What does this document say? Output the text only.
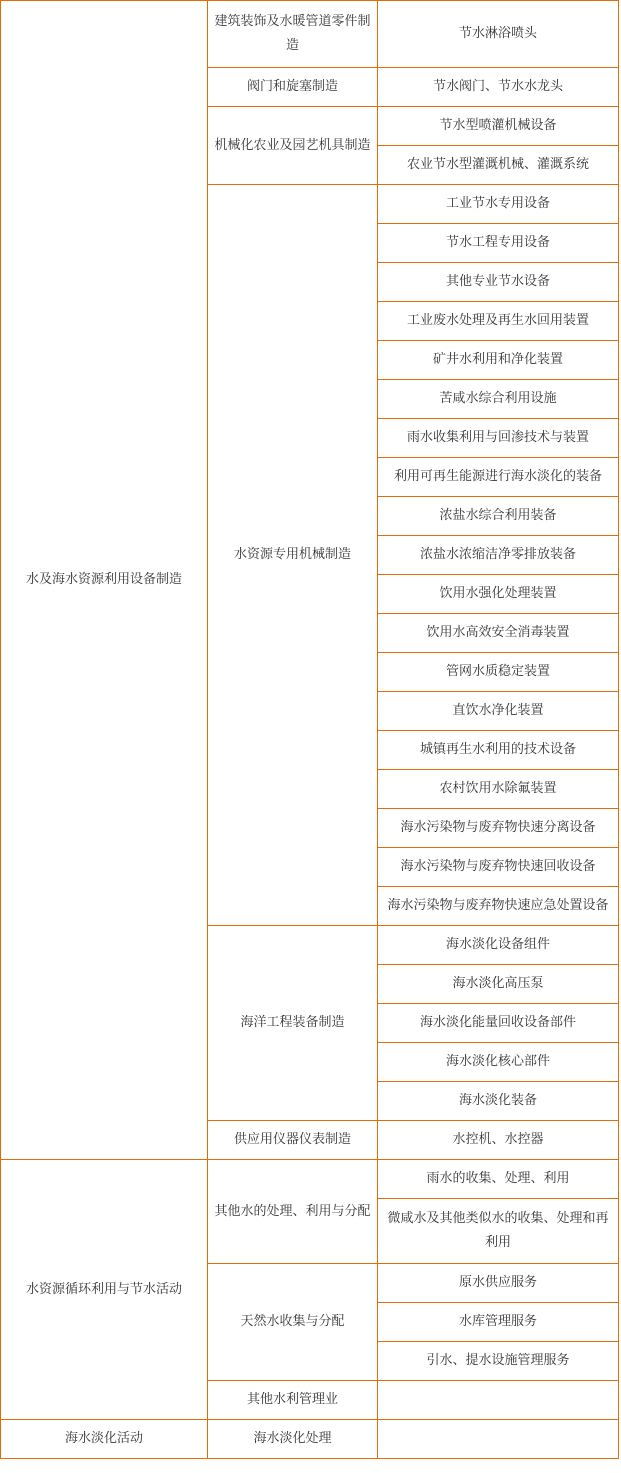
水及海水资源利用设备制造	建筑装饰及水暖管道零件制造	节水淋浴喷头
	阀门和旋塞制造	节水阀门、节水水龙头
	机械化农业及园艺机具制造	节水型喷灌机械设备
		农业节水型灌溉机械、灌溉系统
	水资源专用机械制造	工业节水专用设备
		节水工程专用设备
		其他专业节水设备
		工业废水处理及再生水回用装置
		矿井水利用和净化装置
		苦咸水综合利用设施
		雨水收集利用与回渗技术与装置
		利用可再生能源进行海水淡化的装备
		浓盐水综合利用装备
		浓盐水浓缩洁净零排放装备
		饮用水强化处理装置
		饮用水高效安全消毒装置
		管网水质稳定装置
		直饮水净化装置
		城镇再生水利用的技术设备
		农村饮用水除氟装置
		海水污染物与废弃物快速分离设备
		海水污染物与废弃物快速回收设备
		海水污染物与废弃物快速应急处置设备
	海洋工程装备制造	海水淡化设备组件
		海水淡化高压泵
		海水淡化能量回收设备部件
		海水淡化核心部件
		海水淡化装备
	供应用仪器仪表制造	水控机、水控器
水资源循环利用与节水活动	其他水的处理、利用与分配	雨水的收集、处理、利用
		微咸水及其他类似水的收集、处理和再利用
	天然水收集与分配	原水供应服务
		水库管理服务
		引水、提水设施管理服务
	其他水利管理业	
海水淡化活动	海水淡化处理	
